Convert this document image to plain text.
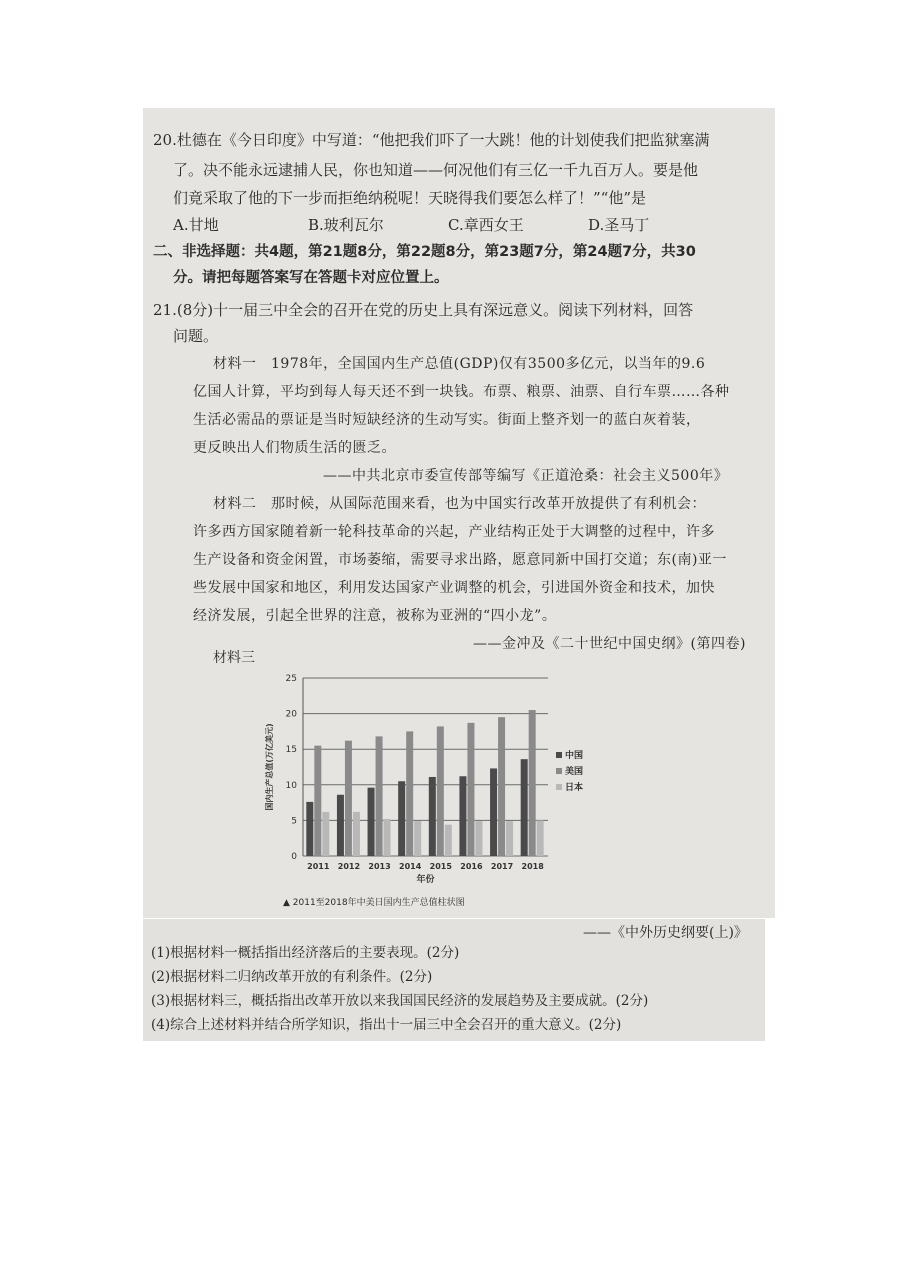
20.杜德在《今日印度》中写道：“他把我们吓了一大跳！他的计划使我们把监狱塞满
了。决不能永远逮捕人民，你也知道——何况他们有三亿一千九百万人。要是他
们竟采取了他的下一步而拒绝纳税呢！天晓得我们要怎么样了！”“他”是
A.甘地	B.玻利瓦尔	C.章西女王	D.圣马丁
二、非选择题：共4题，第21题8分，第22题8分，第23题7分，第24题7分，共30
分。请把每题答案写在答题卡对应位置上。
21.(8分)十一届三中全会的召开在党的历史上具有深远意义。阅读下列材料，回答
问题。
材料一　1978年，全国国内生产总值(GDP)仅有3500多亿元，以当年的9.6
亿国人计算，平均到每人每天还不到一块钱。布票、粮票、油票、自行车票……各种
生活必需品的票证是当时短缺经济的生动写实。街面上整齐划一的蓝白灰着装，
更反映出人们物质生活的匮乏。
——中共北京市委宣传部等编写《正道沧桑：社会主义500年》
材料二　那时候，从国际范围来看，也为中国实行改革开放提供了有利机会：
许多西方国家随着新一轮科技革命的兴起，产业结构正处于大调整的过程中，许多
生产设备和资金闲置，市场萎缩，需要寻求出路，愿意同新中国打交道；东(南)亚一
些发展中国家和地区，利用发达国家产业调整的机会，引进国外资金和技术，加快
经济发展，引起全世界的注意，被称为亚洲的“四小龙”。
——金冲及《二十世纪中国史纲》(第四卷)
材料三
0
5
10
15
20
25
2011 2012 2013 2014 2015 2016 2017 2018
年份
国内生产总值(万亿美元)	中国
美国
日本
▲ 2011至2018年中美日国内生产总值柱状图
——《中外历史纲要(上)》
(1)根据材料一概括指出经济落后的主要表现。(2分)
(2)根据材料二归纳改革开放的有利条件。(2分)
(3)根据材料三，概括指出改革开放以来我国国民经济的发展趋势及主要成就。(2分)
(4)综合上述材料并结合所学知识，指出十一届三中全会召开的重大意义。(2分)
